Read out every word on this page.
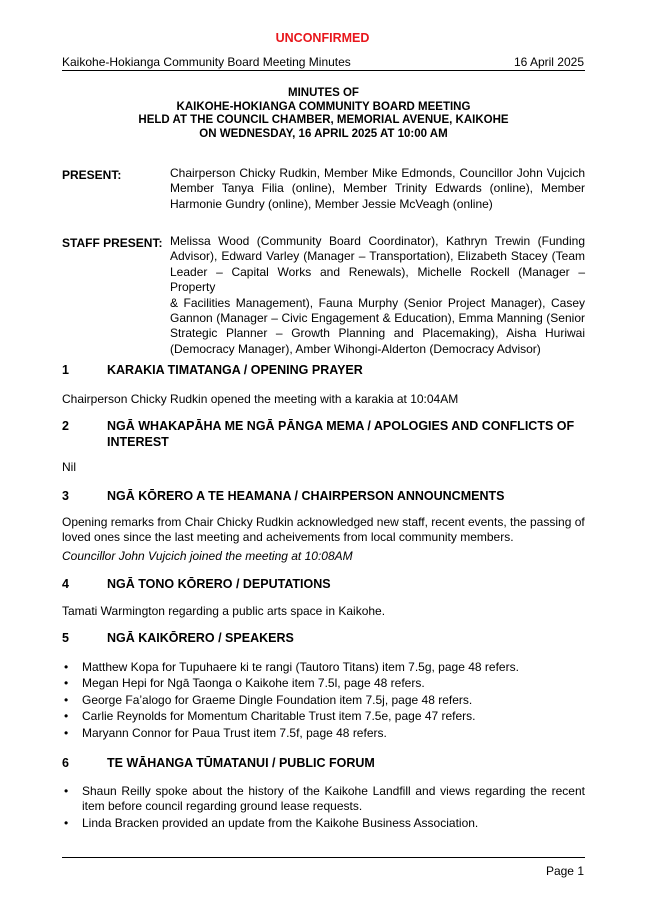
UNCONFIRMED
Kaikohe-Hokianga Community Board Meeting Minutes	16 April 2025
MINUTES OF
KAIKOHE-HOKIANGA COMMUNITY BOARD MEETING
HELD AT THE COUNCIL CHAMBER, MEMORIAL AVENUE, KAIKOHE
ON WEDNESDAY, 16 APRIL 2025 AT 10:00 AM
PRESENT:	Chairperson Chicky Rudkin, Member Mike Edmonds, Councillor John Vujcich
Member Tanya Filia (online), Member Trinity Edwards (online), Member
Harmonie Gundry (online), Member Jessie McVeagh (online)
STAFF PRESENT: Melissa Wood (Community Board Coordinator), Kathryn Trewin (Funding
Advisor), Edward Varley (Manager – Transportation), Elizabeth Stacey (Team
Leader – Capital Works and Renewals), Michelle Rockell (Manager – Property
& Facilities Management), Fauna Murphy (Senior Project Manager), Casey
Gannon (Manager – Civic Engagement & Education), Emma Manning (Senior
Strategic Planner – Growth Planning and Placemaking), Aisha Huriwai
(Democracy Manager), Amber Wihongi-Alderton (Democracy Advisor)
1	KARAKIA TIMATANGA / OPENING PRAYER
Chairperson Chicky Rudkin opened the meeting with a karakia at 10:04AM
2	NGĀ WHAKAPĀHA ME NGĀ PĀNGA MEMA / APOLOGIES AND CONFLICTS OF INTEREST
Nil
3	NGĀ KŌRERO A TE HEAMANA / CHAIRPERSON ANNOUNCMENTS
Opening remarks from Chair Chicky Rudkin acknowledged new staff, recent events, the passing of loved ones since the last meeting and acheivements from local community members.
Councillor John Vujcich joined the meeting at 10:08AM
4	NGĀ TONO KŌRERO / DEPUTATIONS
Tamati Warmington regarding a public arts space in Kaikohe.
5	NGĀ KAIKŌRERO / SPEAKERS
• Matthew Kopa for Tupuhaere ki te rangi (Tautoro Titans) item 7.5g, page 48 refers.
• Megan Hepi for Ngā Taonga o Kaikohe item 7.5l, page 48 refers.
• George Fa’alogo for Graeme Dingle Foundation item 7.5j, page 48 refers.
• Carlie Reynolds for Momentum Charitable Trust item 7.5e, page 47 refers.
• Maryann Connor for Paua Trust item 7.5f, page 48 refers.
6	TE WĀHANGA TŪMATANUI / PUBLIC FORUM
• Shaun Reilly spoke about the history of the Kaikohe Landfill and views regarding the recent item before council regarding ground lease requests.
• Linda Bracken provided an update from the Kaikohe Business Association.
Page 1
